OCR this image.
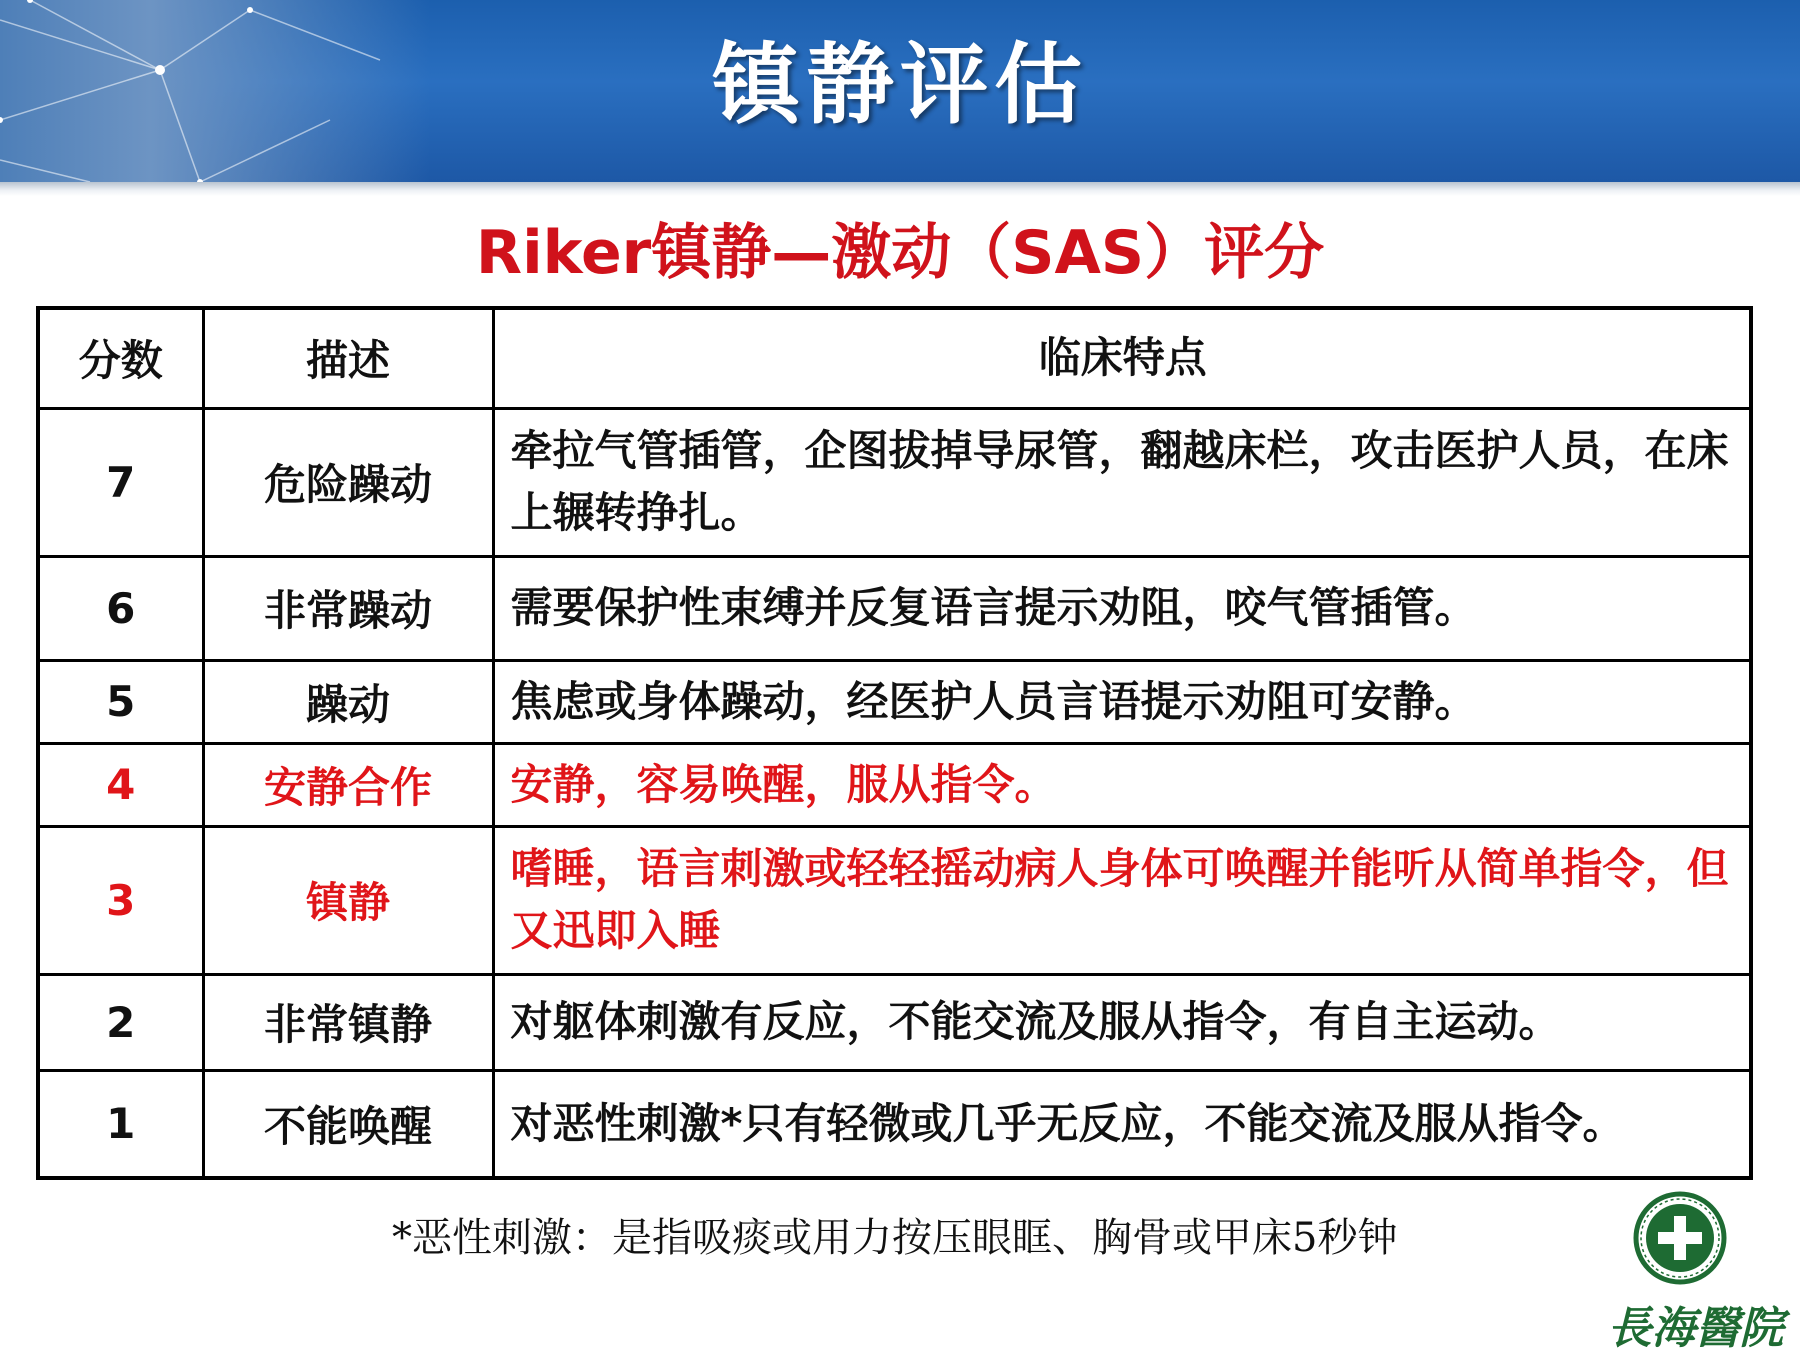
镇静评估
Riker镇静—激动（SAS）评分
分数	描述	临床特点
7	危险躁动	牵拉气管插管，企图拔掉导尿管，翻越床栏，攻击医护人员，在床上辗转挣扎。
6	非常躁动	需要保护性束缚并反复语言提示劝阻，咬气管插管。
5	躁动	焦虑或身体躁动，经医护人员言语提示劝阻可安静。
4	安静合作	安静，容易唤醒，服从指令。
3	镇静	嗜睡，语言刺激或轻轻摇动病人身体可唤醒并能听从简单指令，但又迅即入睡
2	非常镇静	对躯体刺激有反应，不能交流及服从指令，有自主运动。
1	不能唤醒	对恶性刺激*只有轻微或几乎无反应，不能交流及服从指令。
*恶性刺激：是指吸痰或用力按压眼眶、胸骨或甲床5秒钟
長海醫院
